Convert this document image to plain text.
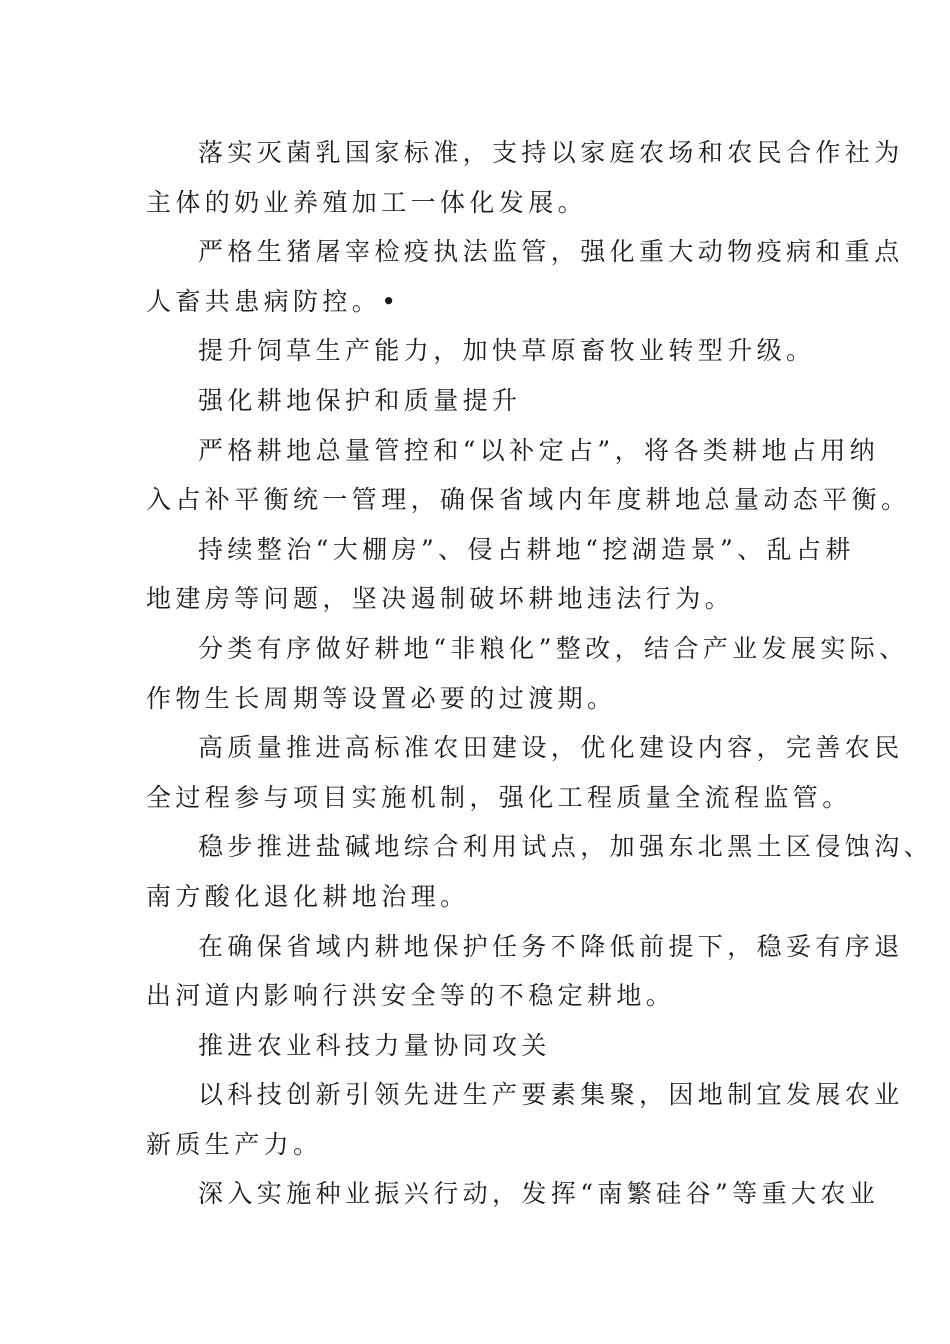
落实灭菌乳国家标准，支持以家庭农场和农民合作社为
主体的奶业养殖加工一体化发展。

严格生猪屠宰检疫执法监管，强化重大动物疫病和重点
人畜共患病防控。•

提升饲草生产能力，加快草原畜牧业转型升级。

强化耕地保护和质量提升

严格耕地总量管控和“以补定占”，将各类耕地占用纳
入占补平衡统一管理，确保省域内年度耕地总量动态平衡。

持续整治“大棚房”、侵占耕地“挖湖造景”、乱占耕
地建房等问题，坚决遏制破坏耕地违法行为。

分类有序做好耕地“非粮化”整改，结合产业发展实际、
作物生长周期等设置必要的过渡期。

高质量推进高标准农田建设，优化建设内容，完善农民
全过程参与项目实施机制，强化工程质量全流程监管。

稳步推进盐碱地综合利用试点，加强东北黑土区侵蚀沟、
南方酸化退化耕地治理。

在确保省域内耕地保护任务不降低前提下，稳妥有序退
出河道内影响行洪安全等的不稳定耕地。

推进农业科技力量协同攻关

以科技创新引领先进生产要素集聚，因地制宜发展农业
新质生产力。

深入实施种业振兴行动，发挥“南繁硅谷”等重大农业
